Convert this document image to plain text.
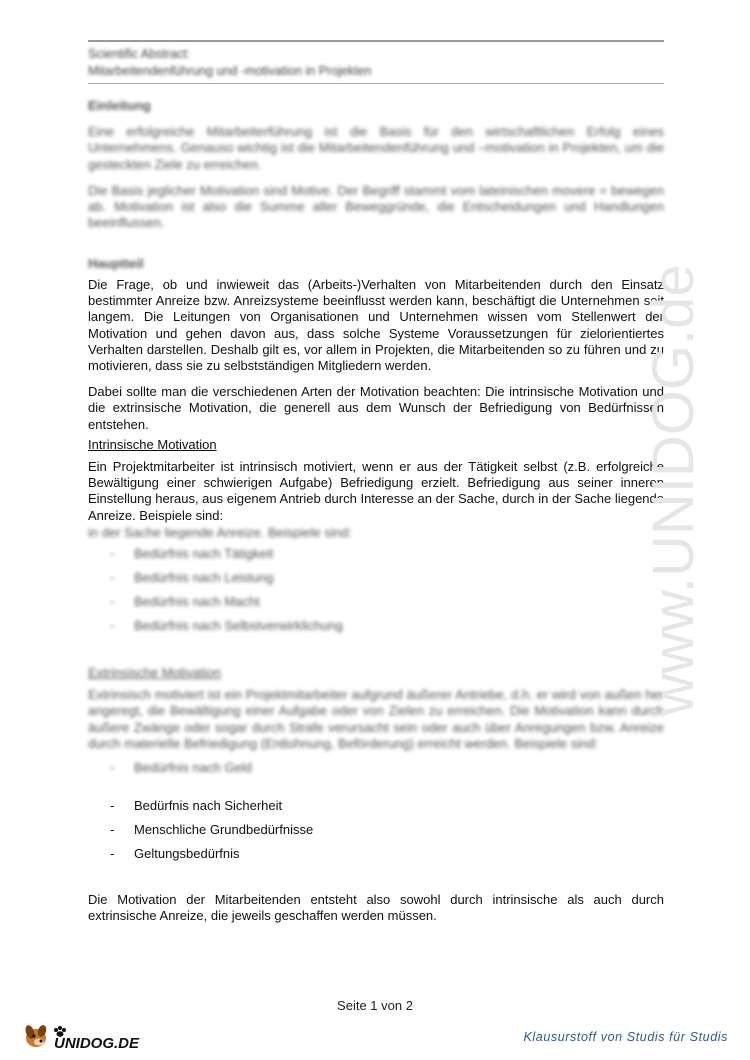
Scientific Abstract:
Mitarbeitendenführung und -motivation in Projekten
Einleitung

Eine erfolgreiche Mitarbeiterführung ist die Basis für den wirtschaftlichen Erfolg eines Unternehmens. Genauso wichtig ist die Mitarbeitendenführung und –motivation in Projekten, um die gesteckten Ziele zu erreichen.

Die Basis jeglicher Motivation sind Motive. Der Begriff stammt vom lateinischen movere = bewegen ab. Motivation ist also die Summe aller Beweggründe, die Entscheidungen und Handlungen beeinflussen.

Hauptteil

Die Frage, ob und inwieweit das (Arbeits-)Verhalten von Mitarbeitenden durch den Einsatz bestimmter Anreize bzw. Anreizsysteme beeinflusst werden kann, beschäftigt die Unternehmen seit langem. Die Leitungen von Organisationen und Unternehmen wissen vom Stellenwert der Motivation und gehen davon aus, dass solche Systeme Voraussetzungen für zielorientiertes Verhalten darstellen. Deshalb gilt es, vor allem in Projekten, die Mitarbeitenden so zu führen und zu motivieren, dass sie zu selbstständigen Mitgliedern werden.

Dabei sollte man die verschiedenen Arten der Motivation beachten: Die intrinsische Motivation und die extrinsische Motivation, die generell aus dem Wunsch der Befriedigung von Bedürfnissen entstehen.

Intrinsische Motivation

Ein Projektmitarbeiter ist intrinsisch motiviert, wenn er aus der Tätigkeit selbst (z.B. erfolgreiche Bewältigung einer schwierigen Aufgabe) Befriedigung erzielt. Befriedigung aus seiner inneren Einstellung heraus, aus eigenem Antrieb durch Interesse an der Sache, durch in der Sache liegende Anreize. Beispiele sind:

in der Sache liegende Anreize. Beispiele sind:
- Bedürfnis nach Tätigkeit
- Bedürfnis nach Leistung
- Bedürfnis nach Macht
- Bedürfnis nach Selbstverwirklichung
Extrinsische Motivation

Extrinsisch motiviert ist ein Projektmitarbeiter aufgrund äußerer Antriebe, d.h. er wird von außen her angeregt, die Bewältigung einer Aufgabe oder von Zielen zu erreichen. Die Motivation kann durch äußere Zwänge oder sogar durch Strafe verursacht sein oder auch über Anregungen bzw. Anreize durch materielle Befriedigung (Entlohnung, Beförderung) erreicht werden. Beispiele sind:

- Bedürfnis nach Geld
- Bedürfnis nach Sicherheit
- Menschliche Grundbedürfnisse
- Geltungsbedürfnis

Die Motivation der Mitarbeitenden entsteht also sowohl durch intrinsische als auch durch extrinsische Anreize, die jeweils geschaffen werden müssen.

www.UNIDOG.de
Seite 1 von 2
UNIDOG.DE	Klausurstoff von Studis für Studis
